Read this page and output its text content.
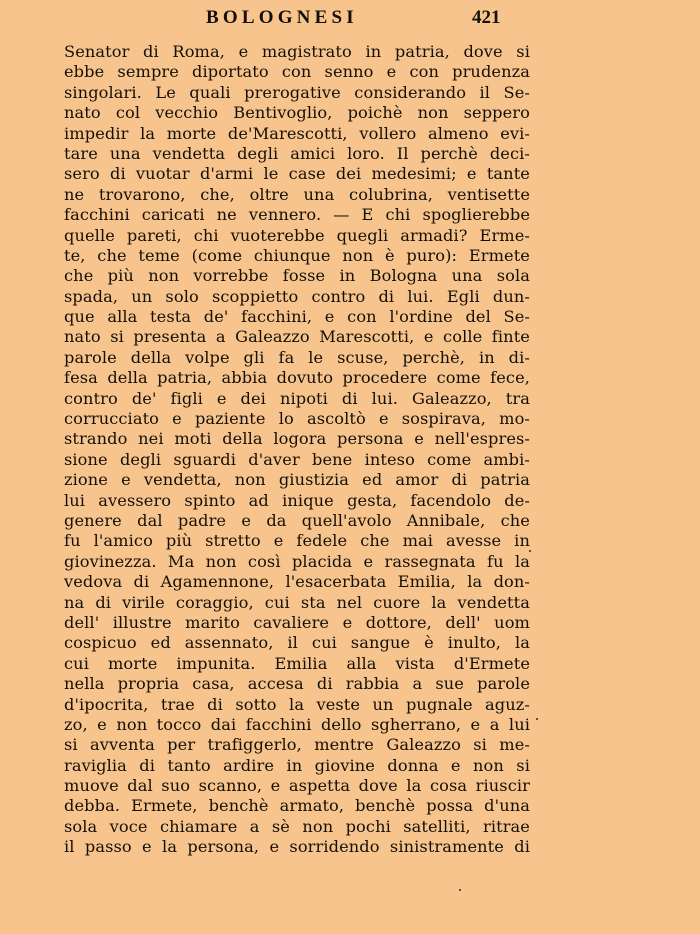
BOLOGNESI	421
Senator di Roma, e magistrato in patria, dove si
ebbe sempre diportato con senno e con prudenza
singolari. Le quali prerogative considerando il Se-
nato col vecchio Bentivoglio, poichè non seppero
impedir la morte de'Marescotti, vollero almeno evi-
tare una vendetta degli amici loro. Il perchè deci-
sero di vuotar d'armi le case dei medesimi; e tante
ne trovarono, che, oltre una colubrina, ventisette
facchini caricati ne vennero. — E chi spoglierebbe
quelle pareti, chi vuoterebbe quegli armadi? Erme-
te, che teme (come chiunque non è puro): Ermete
che più non vorrebbe fosse in Bologna una sola
spada, un solo scoppietto contro di lui. Egli dun-
que alla testa de' facchini, e con l'ordine del Se-
nato si presenta a Galeazzo Marescotti, e colle finte
parole della volpe gli fa le scuse, perchè, in di-
fesa della patria, abbia dovuto procedere come fece,
contro de' figli e dei nipoti di lui. Galeazzo, tra
corrucciato e paziente lo ascoltò e sospirava, mo-
strando nei moti della logora persona e nell'espres-
sione degli sguardi d'aver bene inteso come ambi-
zione e vendetta, non giustizia ed amor di patria
lui avessero spinto ad inique gesta, facendolo de-
genere dal padre e da quell'avolo Annibale, che
fu l'amico più stretto e fedele che mai avesse in
giovinezza. Ma non così placida e rassegnata fu la
vedova di Agamennone, l'esacerbata Emilia, la don-
na di virile coraggio, cui sta nel cuore la vendetta
dell' illustre marito cavaliere e dottore, dell' uom
cospicuo ed assennato, il cui sangue è inulto, la
cui morte impunita. Emilia alla vista d'Ermete
nella propria casa, accesa di rabbia a sue parole
d'ipocrita, trae di sotto la veste un pugnale aguz-
zo, e non tocco dai facchini dello sgherrano, e a lui
si avventa per trafiggerlo, mentre Galeazzo si me-
raviglia di tanto ardire in giovine donna e non si
muove dal suo scanno, e aspetta dove la cosa riuscir
debba. Ermete, benchè armato, benchè possa d'una
sola voce chiamare a sè non pochi satelliti, ritrae
il passo e la persona, e sorridendo sinistramente di
